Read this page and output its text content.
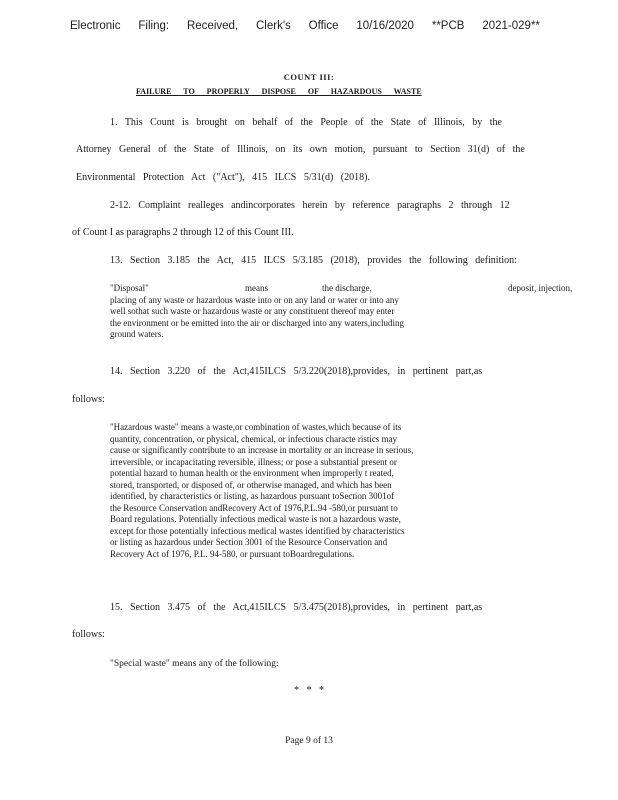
Electronic Filing: Received, Clerk's Office 10/16/2020 **PCB 2021-029**
COUNT III:
FAILURE TO PROPERLY DISPOSE OF HAZARDOUS WASTE
1. This Count is brought on behalf of the People of the State of Illinois, by the
Attorney General of the State of Illinois, on its own motion, pursuant to Section 31(d) of the
Environmental Protection Act ("Act"), 415 ILCS 5/31(d) (2018).
2-12. Complaint realleges andincorporates herein by reference paragraphs 2 through 12
of Count I as paragraphs 2 through 12 of this Count III.
13. Section 3.185 the Act, 415 ILCS 5/3.185 (2018), provides the following definition:
"Disposal"	means	the discharge,	deposit, injection,
placing of any waste or hazardous waste into or on any land or water or into any
well sothat such waste or hazardous waste or any constituent thereof may enter
the environment or be emitted into the air or discharged into any waters,including
ground waters.
14. Section 3.220 of the Act,415ILCS 5/3.220(2018),provides, in pertinent part,as
follows:
"Hazardous waste" means a waste,or combination of wastes,which because of its
quantity, concentration, or physical, chemical, or infectious characte ristics may
cause or significantly contribute to an increase in mortality or an increase in serious,
irreversible, or incapacitating reversible, illness; or pose a substantial present or
potential hazard to human health or the environment when improperly t reated,
stored, transported, or disposed of, or otherwise managed, and which has been
identified, by characteristics or listing, as hazardous pursuant toSection 3001of
the Resource Conservation andRecovery Act of 1976,P.L.94 -580,or pursuant to
Board regulations. Potentially infectious medical waste is not a hazardous waste,
except for those potentially infectious medical wastes identified by characteristics
or listing as hazardous under Section 3001 of the Resource Conservation and
Recovery Act of 1976, P.L. 94-580, or pursuant toBoardregulations.
15. Section 3.475 of the Act,415ILCS 5/3.475(2018),provides, in pertinent part,as
follows:
"Special waste" means any of the following:
*   *   *
Page 9 of 13
